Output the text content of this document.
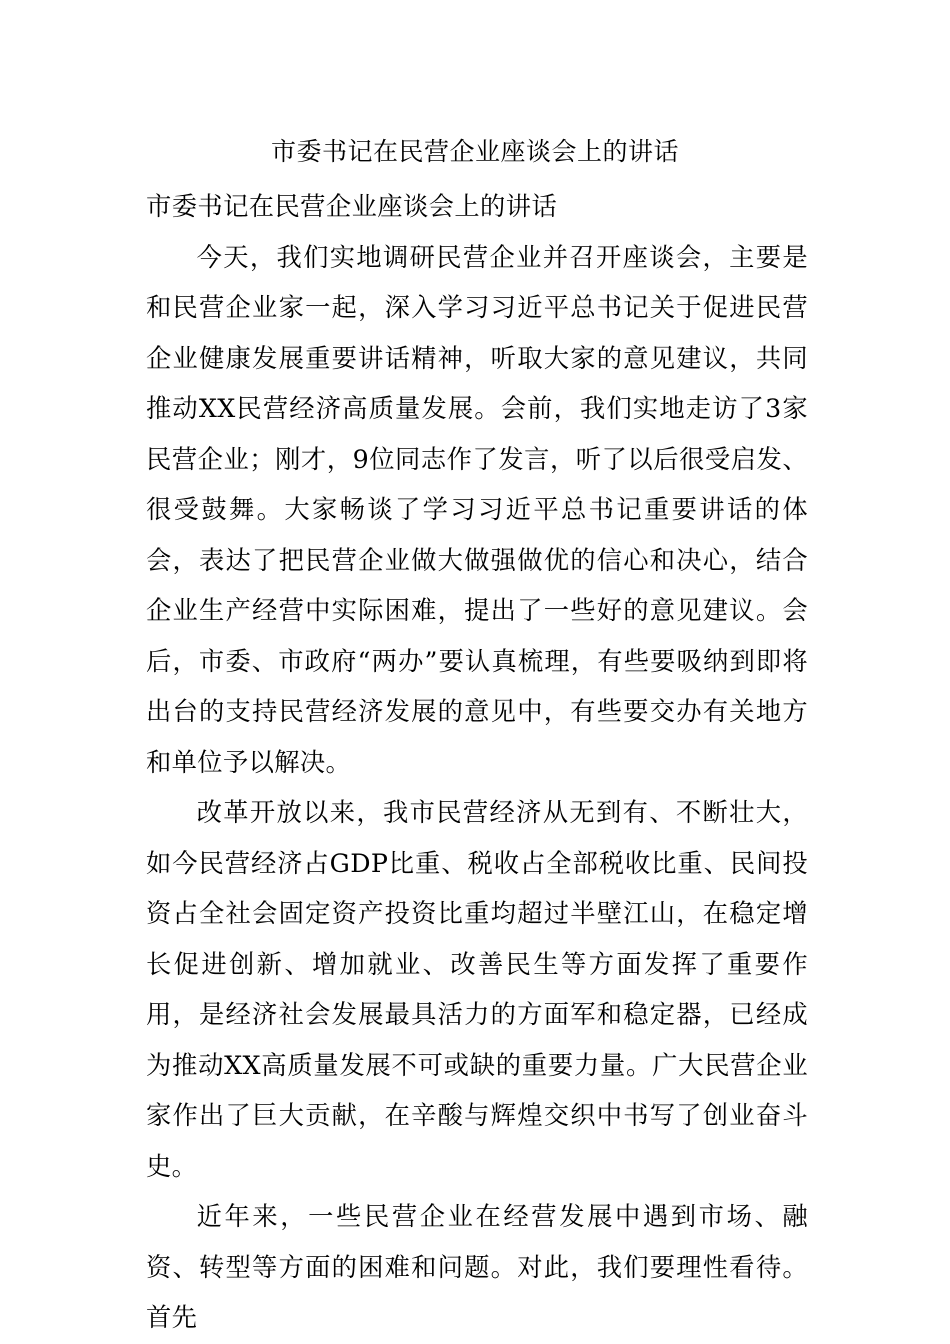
市委书记在民营企业座谈会上的讲话

市委书记在民营企业座谈会上的讲话

今天，我们实地调研民营企业并召开座谈会，主要是和民营企业家一起，深入学习习近平总书记关于促进民营企业健康发展重要讲话精神，听取大家的意见建议，共同推动XX民营经济高质量发展。会前，我们实地走访了3家民营企业；刚才，9位同志作了发言，听了以后很受启发、很受鼓舞。大家畅谈了学习习近平总书记重要讲话的体会，表达了把民营企业做大做强做优的信心和决心，结合企业生产经营中实际困难，提出了一些好的意见建议。会后，市委、市政府“两办”要认真梳理，有些要吸纳到即将出台的支持民营经济发展的意见中，有些要交办有关地方和单位予以解决。

改革开放以来，我市民营经济从无到有、不断壮大，如今民营经济占GDP比重、税收占全部税收比重、民间投资占全社会固定资产投资比重均超过半壁江山，在稳定增长促进创新、增加就业、改善民生等方面发挥了重要作用，是经济社会发展最具活力的方面军和稳定器，已经成为推动XX高质量发展不可或缺的重要力量。广大民营企业家作出了巨大贡献，在辛酸与辉煌交织中书写了创业奋斗史。

近年来，一些民营企业在经营发展中遇到市场、融资、转型等方面的困难和问题。对此，我们要理性看待。首先
